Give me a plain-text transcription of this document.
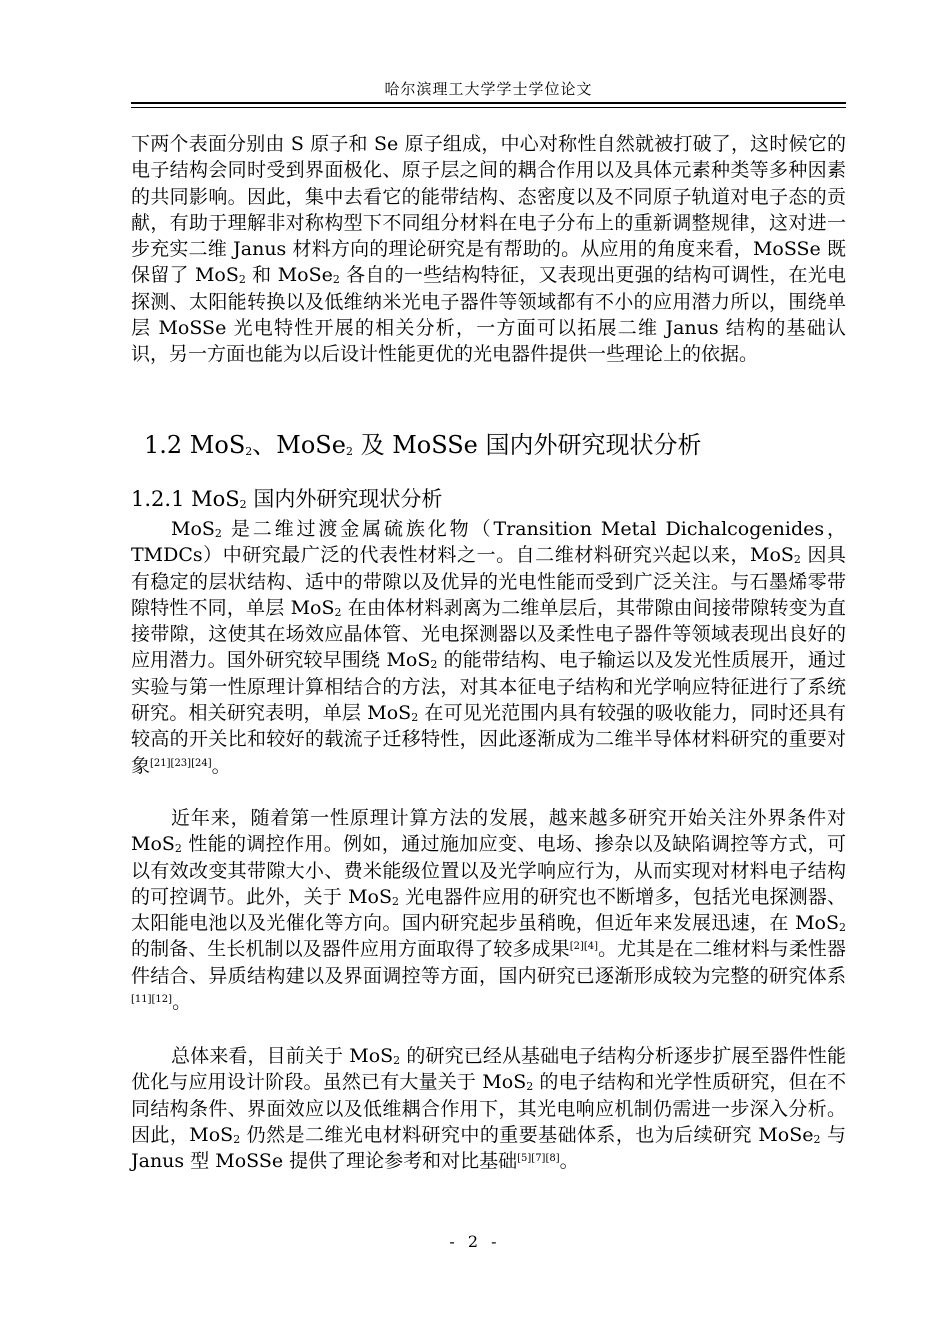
哈尔滨理工大学学士学位论文

下两个表面分别由 S 原子和 Se 原子组成，中心对称性自然就被打破了，这时候它的电子结构会同时受到界面极化、原子层之间的耦合作用以及具体元素种类等多种因素的共同影响。因此，集中去看它的能带结构、态密度以及不同原子轨道对电子态的贡献，有助于理解非对称构型下不同组分材料在电子分布上的重新调整规律，这对进一步充实二维 Janus 材料方向的理论研究是有帮助的。从应用的角度来看，MoSSe 既保留了 MoS$_2$ 和 MoSe$_2$ 各自的一些结构特征，又表现出更强的结构可调性，在光电探测、太阳能转换以及低维纳米光电子器件等领域都有不小的应用潜力所以，围绕单层 MoSSe 光电特性开展的相关分析，一方面可以拓展二维 Janus 结构的基础认识，另一方面也能为以后设计性能更优的光电器件提供一些理论上的依据。

1.2 MoS$_2$、MoSe$_2$ 及 MoSSe 国内外研究现状分析
1.2.1 MoS$_2$ 国内外研究现状分析

MoS$_2$ 是二维过渡金属硫族化物（Transition Metal Dichalcogenides，TMDCs）中研究最广泛的代表性材料之一。自二维材料研究兴起以来，MoS$_2$ 因具有稳定的层状结构、适中的带隙以及优异的光电性能而受到广泛关注。与石墨烯零带隙特性不同，单层 MoS$_2$ 在由体材料剥离为二维单层后，其带隙由间接带隙转变为直接带隙，这使其在场效应晶体管、光电探测器以及柔性电子器件等领域表现出良好的应用潜力。国外研究较早围绕 MoS$_2$ 的能带结构、电子输运以及发光性质展开，通过实验与第一性原理计算相结合的方法，对其本征电子结构和光学响应特征进行了系统研究。相关研究表明，单层 MoS$_2$ 在可见光范围内具有较强的吸收能力，同时还具有较高的开关比和较好的载流子迁移特性，因此逐渐成为二维半导体材料研究的重要对象[21][23][24]。

近年来，随着第一性原理计算方法的发展，越来越多研究开始关注外界条件对 MoS$_2$ 性能的调控作用。例如，通过施加应变、电场、掺杂以及缺陷调控等方式，可以有效改变其带隙大小、费米能级位置以及光学响应行为，从而实现对材料电子结构的可控调节。此外，关于 MoS$_2$ 光电器件应用的研究也不断增多，包括光电探测器、太阳能电池以及光催化等方向。国内研究起步虽稍晚，但近年来发展迅速，在 MoS$_2$ 的制备、生长机制以及器件应用方面取得了较多成果[2][4]。尤其是在二维材料与柔性器件结合、异质结构建以及界面调控等方面，国内研究已逐渐形成较为完整的研究体系[11][12]。

总体来看，目前关于 MoS$_2$ 的研究已经从基础电子结构分析逐步扩展至器件性能优化与应用设计阶段。虽然已有大量关于 MoS$_2$ 的电子结构和光学性质研究，但在不同结构条件、界面效应以及低维耦合作用下，其光电响应机制仍需进一步深入分析。因此，MoS$_2$ 仍然是二维光电材料研究中的重要基础体系，也为后续研究 MoSe$_2$ 与 Janus 型 MoSSe 提供了理论参考和对比基础[5][7][8]。

- 2 -
